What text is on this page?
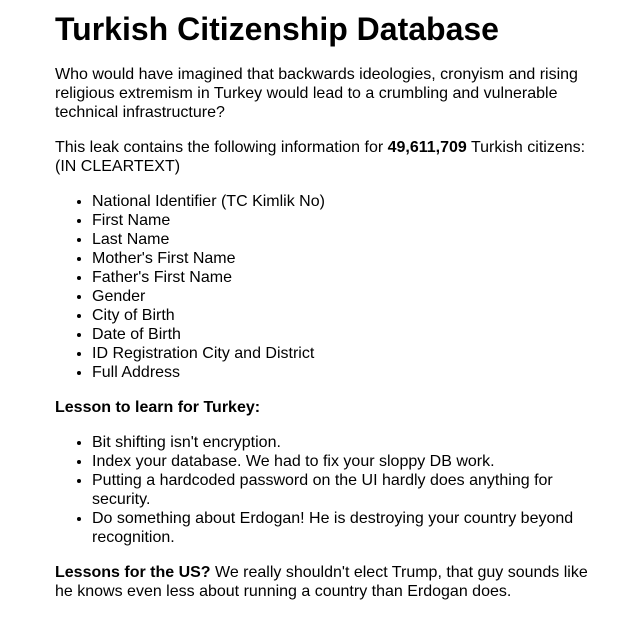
Turkish Citizenship Database

Who would have imagined that backwards ideologies, cronyism and rising
religious extremism in Turkey would lead to a crumbling and vulnerable
technical infrastructure?

This leak contains the following information for 49,611,709 Turkish citizens:
(IN CLEARTEXT)

• National Identifier (TC Kimlik No)
• First Name
• Last Name
• Mother's First Name
• Father's First Name
• Gender
• City of Birth
• Date of Birth
• ID Registration City and District
• Full Address

Lesson to learn for Turkey:

• Bit shifting isn't encryption.
• Index your database. We had to fix your sloppy DB work.
• Putting a hardcoded password on the UI hardly does anything for
security.
• Do something about Erdogan! He is destroying your country beyond
recognition.

Lessons for the US? We really shouldn't elect Trump, that guy sounds like
he knows even less about running a country than Erdogan does.
